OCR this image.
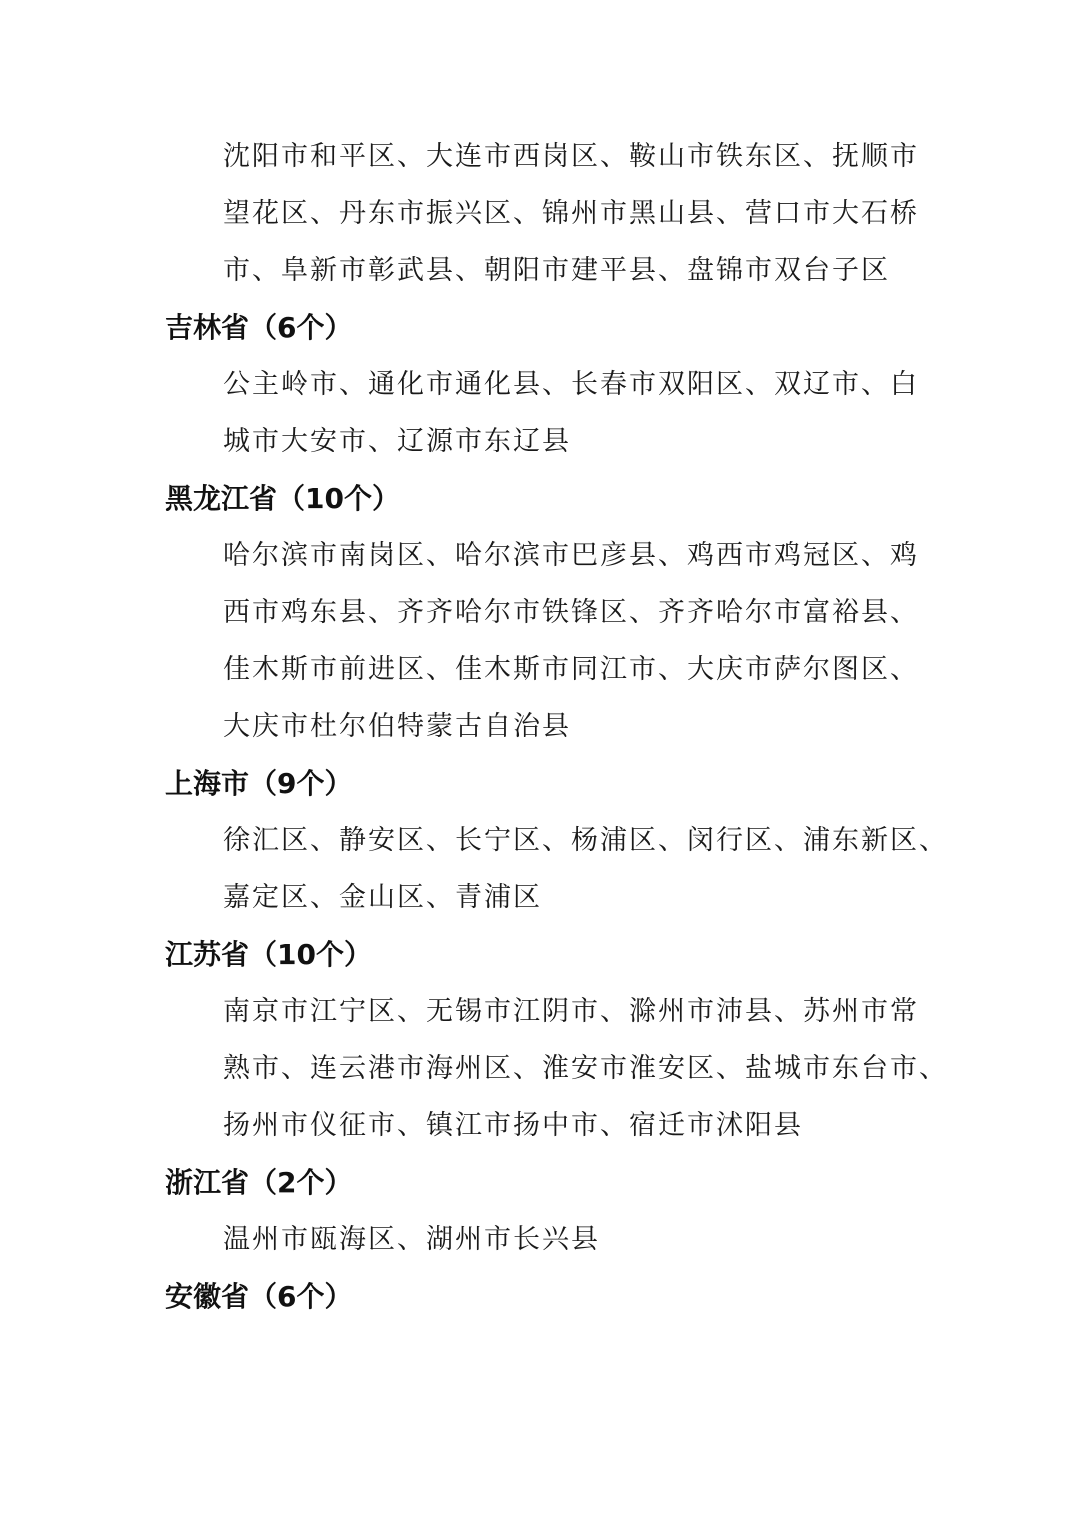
沈阳市和平区、大连市西岗区、鞍山市铁东区、抚顺市
望花区、丹东市振兴区、锦州市黑山县、营口市大石桥
市、阜新市彰武县、朝阳市建平县、盘锦市双台子区
吉林省（6个）
公主岭市、通化市通化县、长春市双阳区、双辽市、白
城市大安市、辽源市东辽县
黑龙江省（10个）
哈尔滨市南岗区、哈尔滨市巴彦县、鸡西市鸡冠区、鸡
西市鸡东县、齐齐哈尔市铁锋区、齐齐哈尔市富裕县、
佳木斯市前进区、佳木斯市同江市、大庆市萨尔图区、
大庆市杜尔伯特蒙古自治县
上海市（9个）
徐汇区、静安区、长宁区、杨浦区、闵行区、浦东新区、
嘉定区、金山区、青浦区
江苏省（10个）
南京市江宁区、无锡市江阴市、滁州市沛县、苏州市常
熟市、连云港市海州区、淮安市淮安区、盐城市东台市、
扬州市仪征市、镇江市扬中市、宿迁市沭阳县
浙江省（2个）
温州市瓯海区、湖州市长兴县
安徽省（6个）
